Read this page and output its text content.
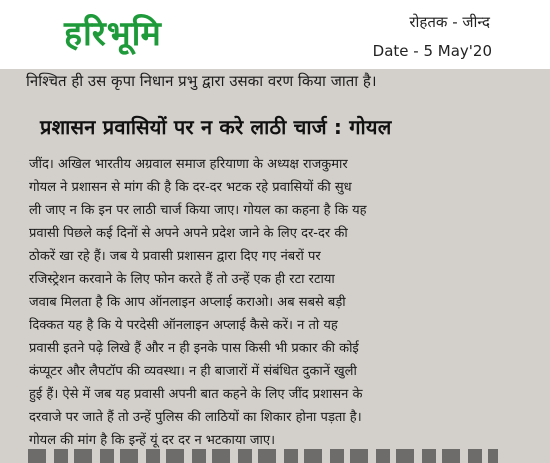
हरिभूमि	रोहतक - जीन्द
Date - 5 May'20
निश्चित ही उस कृपा निधान प्रभु द्वारा उसका वरण किया जाता है।
प्रशासन प्रवासियों पर न करे लाठी चार्ज : गोयल
जींद। अखिल भारतीय अग्रवाल समाज हरियाणा के अध्यक्ष राजकुमार
गोयल ने प्रशासन से मांग की है कि दर-दर भटक रहे प्रवासियों की सुध
ली जाए न कि इन पर लाठी चार्ज किया जाए। गोयल का कहना है कि यह
प्रवासी पिछले कई दिनों से अपने अपने प्रदेश जाने के लिए दर-दर की
ठोकरें खा रहे हैं। जब ये प्रवासी प्रशासन द्वारा दिए गए नंबरों पर
रजिस्ट्रेशन करवाने के लिए फोन करते हैं तो उन्हें एक ही रटा रटाया
जवाब मिलता है कि आप ऑनलाइन अप्लाई कराओ। अब सबसे बड़ी
दिक्कत यह है कि ये परदेसी ऑनलाइन अप्लाई कैसे करें। न तो यह
प्रवासी इतने पढ़े लिखे हैं और न ही इनके पास किसी भी प्रकार की कोई
कंप्यूटर और लैपटॉप की व्यवस्था। न ही बाजारों में संबंधित दुकानें खुली
हुई हैं। ऐसे में जब यह प्रवासी अपनी बात कहने के लिए जींद प्रशासन के
दरवाजे पर जाते हैं तो उन्हें पुलिस की लाठियों का शिकार होना पड़ता है।
गोयल की मांग है कि इन्हें यूं दर दर न भटकाया जाए।
